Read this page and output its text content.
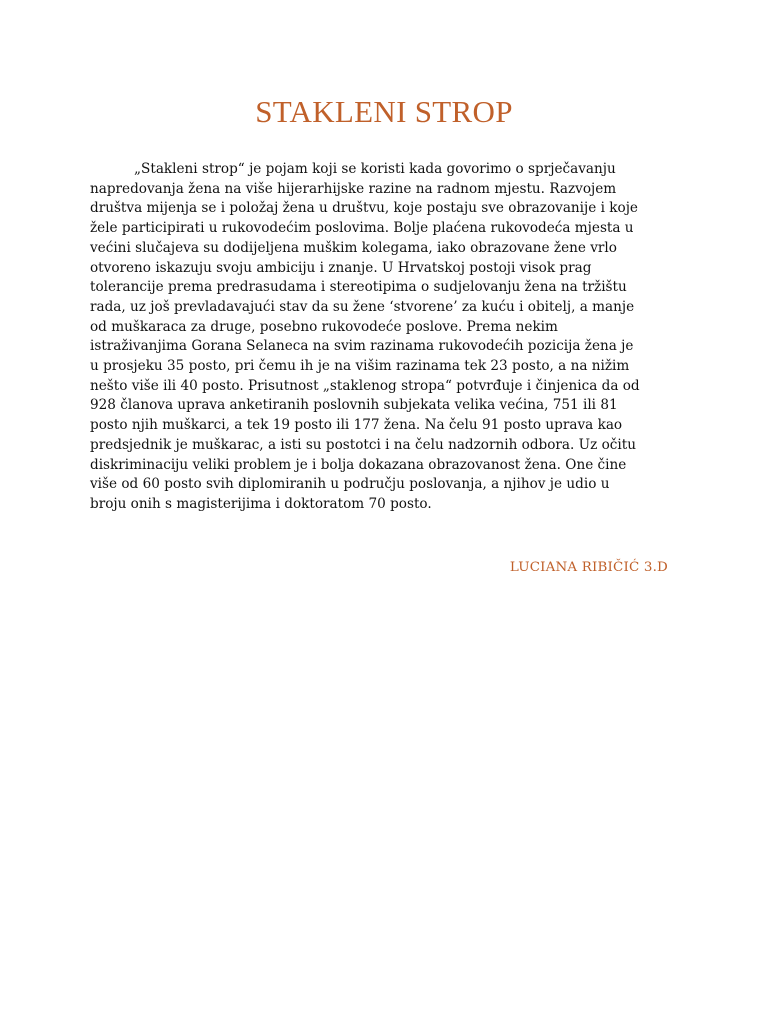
STAKLENI STROP
„Stakleni strop“ je pojam koji se koristi kada govorimo o sprječavanju
napredovanja žena na više hijerarhijske razine na radnom mjestu. Razvojem
društva mijenja se i položaj žena u društvu, koje postaju sve obrazovanije i koje
žele participirati u rukovodećim poslovima. Bolje plaćena rukovodeća mjesta u
većini slučajeva su dodijeljena muškim kolegama, iako obrazovane žene vrlo
otvoreno iskazuju svoju ambiciju i znanje. U Hrvatskoj postoji visok prag
tolerancije prema predrasudama i stereotipima o sudjelovanju žena na tržištu
rada, uz još prevladavajući stav da su žene ‘stvorene’ za kuću i obitelj, a manje
od muškaraca za druge, posebno rukovodeće poslove. Prema nekim
istraživanjima Gorana Selaneca na svim razinama rukovodećih pozicija žena je
u prosjeku 35 posto, pri čemu ih je na višim razinama tek 23 posto, a na nižim
nešto više ili 40 posto. Prisutnost „staklenog stropa“ potvrđuje i činjenica da od
928 članova uprava anketiranih poslovnih subjekata velika većina, 751 ili 81
posto njih muškarci, a tek 19 posto ili 177 žena. Na čelu 91 posto uprava kao
predsjednik je muškarac, a isti su postotci i na čelu nadzornih odbora. Uz očitu
diskriminaciju veliki problem je i bolja dokazana obrazovanost žena. One čine
više od 60 posto svih diplomiranih u području poslovanja, a njihov je udio u
broju onih s magisterijima i doktoratom 70 posto.

LUCIANA RIBIČIĆ 3.D
